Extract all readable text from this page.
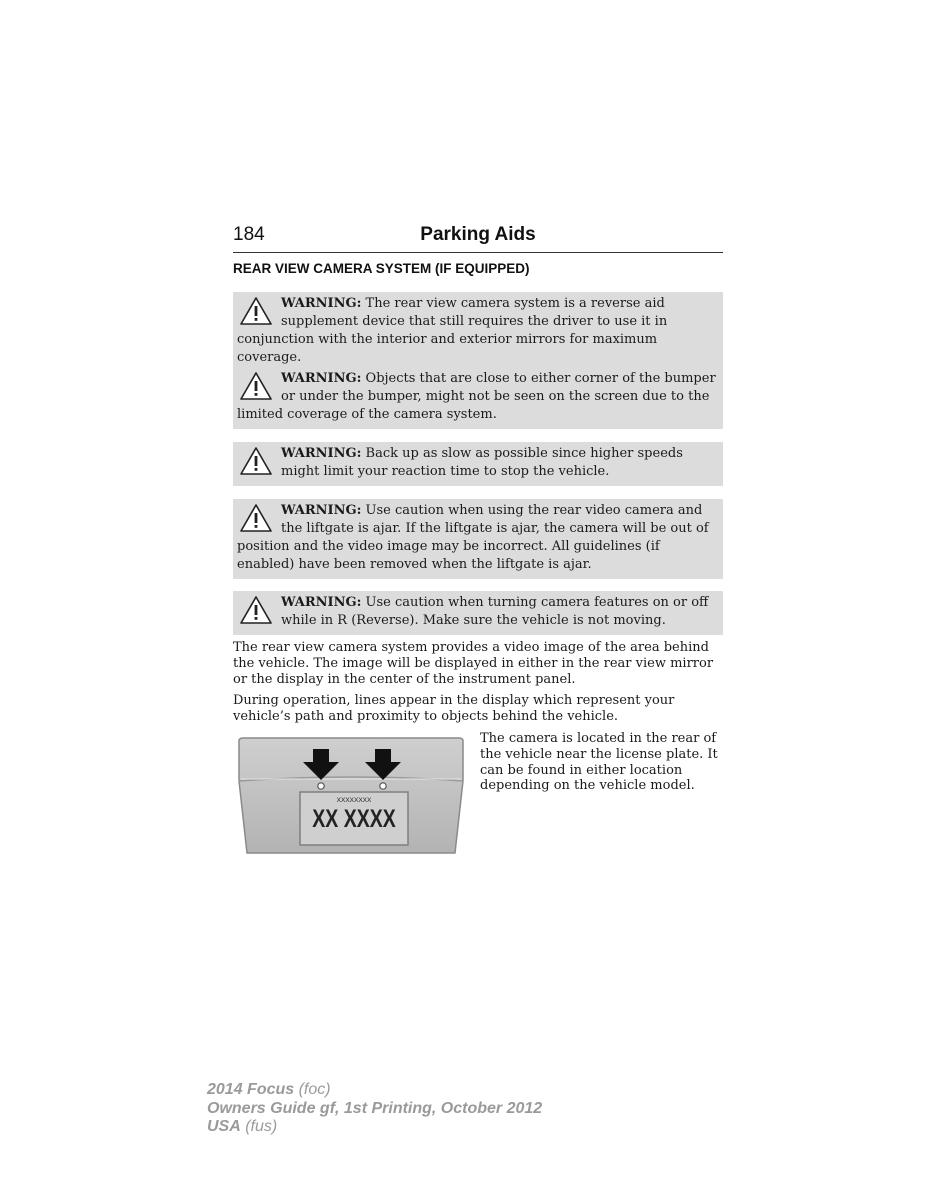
184	Parking Aids
REAR VIEW CAMERA SYSTEM (IF EQUIPPED)
WARNING: The rear view camera system is a reverse aid supplement device that still requires the driver to use it in conjunction with the interior and exterior mirrors for maximum coverage.
WARNING: Objects that are close to either corner of the bumper or under the bumper, might not be seen on the screen due to the limited coverage of the camera system.
WARNING: Back up as slow as possible since higher speeds might limit your reaction time to stop the vehicle.
WARNING: Use caution when using the rear video camera and the liftgate is ajar. If the liftgate is ajar, the camera will be out of position and the video image may be incorrect. All guidelines (if enabled) have been removed when the liftgate is ajar.
WARNING: Use caution when turning camera features on or off while in R (Reverse). Make sure the vehicle is not moving.

The rear view camera system provides a video image of the area behind the vehicle. The image will be displayed in either in the rear view mirror or the display in the center of the instrument panel.

During operation, lines appear in the display which represent your vehicle’s path and proximity to objects behind the vehicle.

XXXXXXXX
XX XXXX

The camera is located in the rear of the vehicle near the license plate. It can be found in either location depending on the vehicle model.

2014 Focus (foc)
Owners Guide gf, 1st Printing, October 2012
USA (fus)
